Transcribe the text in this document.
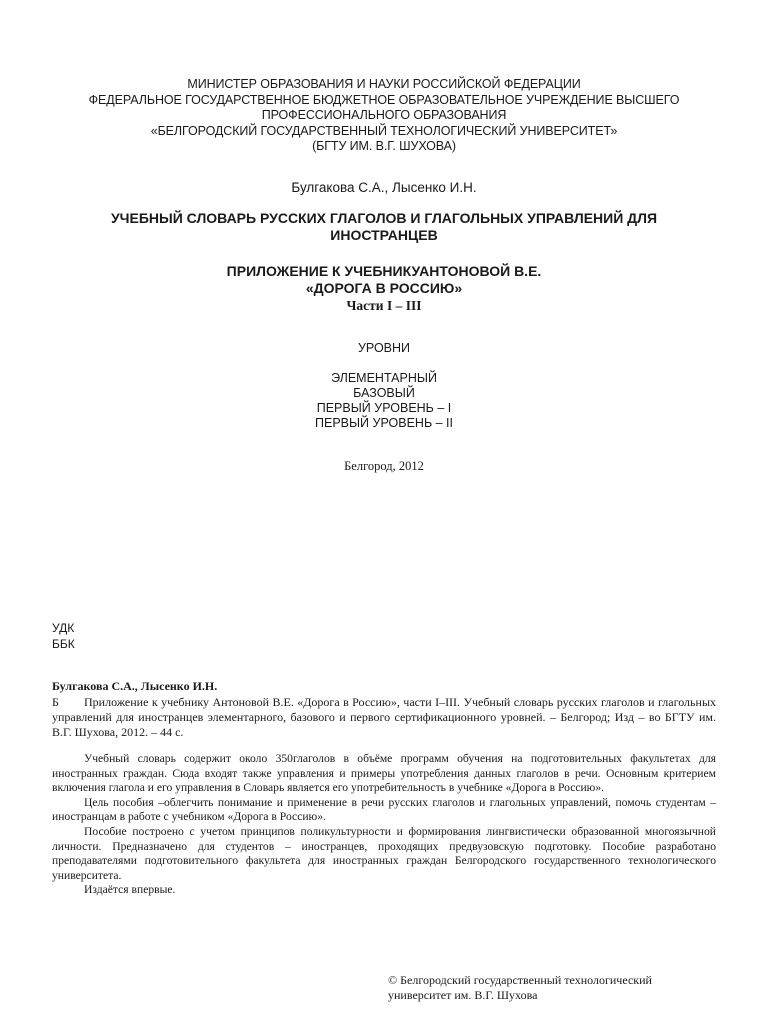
МИНИСТЕР ОБРАЗОВАНИЯ И НАУКИ РОССИЙСКОЙ ФЕДЕРАЦИИ
ФЕДЕРАЛЬНОЕ ГОСУДАРСТВЕННОЕ БЮДЖЕТНОЕ ОБРАЗОВАТЕЛЬНОЕ УЧРЕЖДЕНИЕ ВЫСШЕГО
ПРОФЕССИОНАЛЬНОГО ОБРАЗОВАНИЯ
«БЕЛГОРОДСКИЙ ГОСУДАРСТВЕННЫЙ ТЕХНОЛОГИЧЕСКИЙ УНИВЕРСИТЕТ»
(БГТУ ИМ. В.Г. ШУХОВА)
Булгакова С.А., Лысенко И.Н.
УЧЕБНЫЙ СЛОВАРЬ РУССКИХ ГЛАГОЛОВ И ГЛАГОЛЬНЫХ УПРАВЛЕНИЙ ДЛЯ ИНОСТРАНЦЕВ
ПРИЛОЖЕНИЕ К УЧЕБНИКУАНТОНОВОЙ В.Е.
«ДОРОГА В РОССИЮ»
Части I – III
УРОВНИ
ЭЛЕМЕНТАРНЫЙ
БАЗОВЫЙ
ПЕРВЫЙ УРОВЕНЬ – I
ПЕРВЫЙ УРОВЕНЬ – II
Белгород, 2012
УДК
ББК
Булгакова С.А., Лысенко И.Н.
Б Приложение к учебнику Антоновой В.Е. «Дорога в Россию», части I–III. Учебный словарь русских глаголов и глагольных управлений для иностранцев элементарного, базового и первого сертификационного уровней. – Белгород; Изд – во БГТУ им. В.Г. Шухова, 2012. – 44 с.

Учебный словарь содержит около 350глаголов в объёме программ обучения на подготовительных факультетах для иностранных граждан. Сюда входят также управления и примеры употребления данных глаголов в речи. Основным критерием включения глагола и его управления в Словарь является его употребительность в учебнике «Дорога в Россию».

Цель пособия –облегчить понимание и применение в речи русских глаголов и глагольных управлений, помочь студентам – иностранцам в работе с учебником «Дорога в Россию».

Пособие построено с учетом принципов поликультурности и формирования лингвистически образованной многоязычной личности. Предназначено для студентов – иностранцев, проходящих предвузовскую подготовку. Пособие разработано преподавателями подготовительного факультета для иностранных граждан Белгородского государственного технологического университета.

Издаётся впервые.

© Белгородский государственный технологический
университет им. В.Г. Шухова
